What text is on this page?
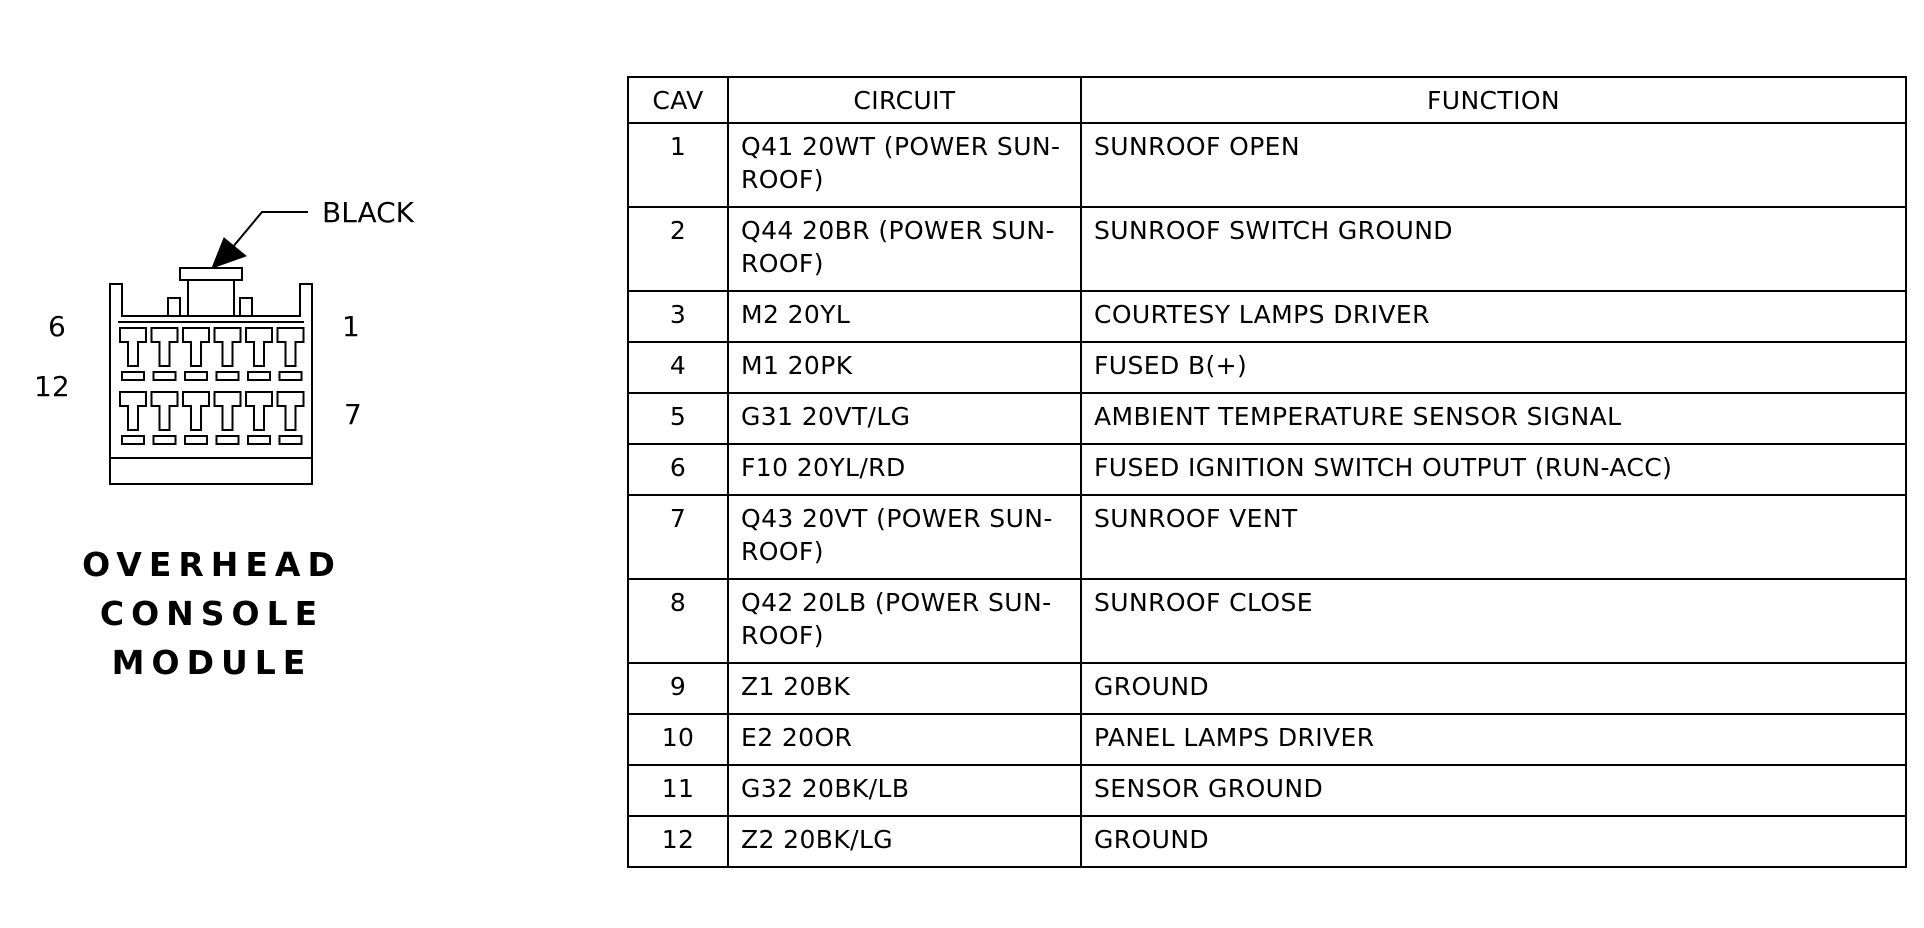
BLACK
6	1
12
7
OVERHEAD
CONSOLE
MODULE
CAV	CIRCUIT	FUNCTION
1	Q41 20WT (POWER SUN-
ROOF)	SUNROOF OPEN
2	Q44 20BR (POWER SUN-
ROOF)	SUNROOF SWITCH GROUND
3	M2 20YL	COURTESY LAMPS DRIVER
4	M1 20PK	FUSED B(+)
5	G31 20VT/LG	AMBIENT TEMPERATURE SENSOR SIGNAL
6	F10 20YL/RD	FUSED IGNITION SWITCH OUTPUT (RUN-ACC)
7	Q43 20VT (POWER SUN-
ROOF)	SUNROOF VENT
8	Q42 20LB (POWER SUN-
ROOF)	SUNROOF CLOSE
9	Z1 20BK	GROUND
10	E2 20OR	PANEL LAMPS DRIVER
11	G32 20BK/LB	SENSOR GROUND
12	Z2 20BK/LG	GROUND
